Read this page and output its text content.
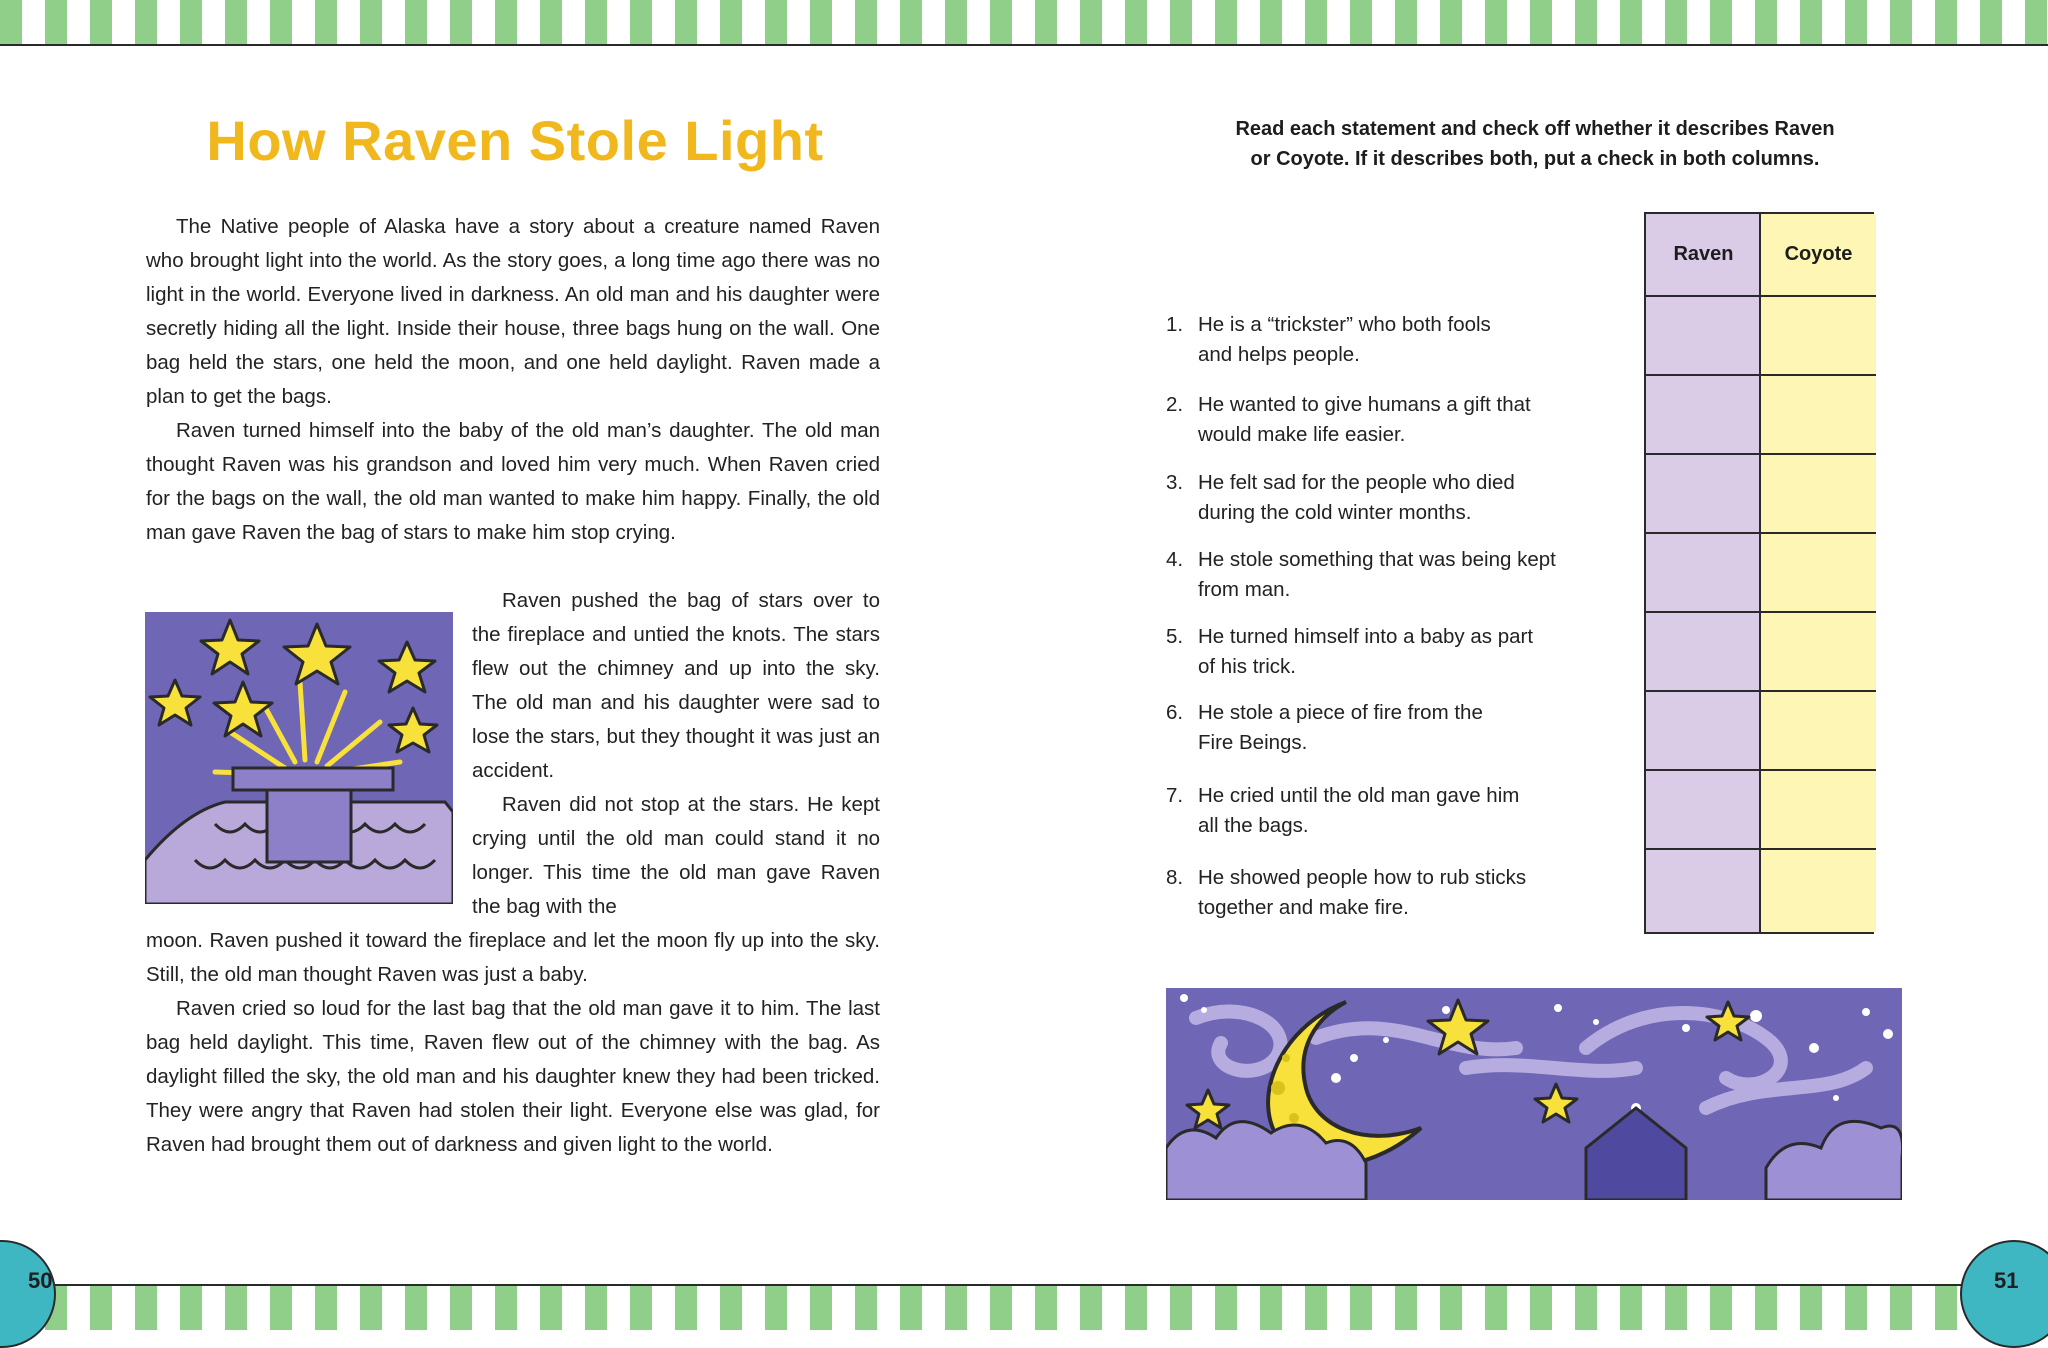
50	51
How Raven Stole Light

The Native people of Alaska have a story about a creature named Raven who brought light into the world. As the story goes, a long time ago there was no light in the world. Everyone lived in darkness. An old man and his daughter were secretly hiding all the light. Inside their house, three bags hung on the wall. One bag held the stars, one held the moon, and one held daylight. Raven made a plan to get the bags.

Raven turned himself into the baby of the old man’s daughter. The old man thought Raven was his grandson and loved him very much. When Raven cried for the bags on the wall, the old man wanted to make him happy. Finally, the old man gave Raven the bag of stars to make him stop crying.

Raven pushed the bag of stars over to the fireplace and untied the knots. The stars flew out the chimney and up into the sky. The old man and his daughter were sad to lose the stars, but they thought it was just an accident.

Raven did not stop at the stars. He kept crying until the old man could stand it no longer. This time the old man gave Raven the bag with the

moon. Raven pushed it toward the fireplace and let the moon fly up into the sky. Still, the old man thought Raven was just a baby.

Raven cried so loud for the last bag that the old man gave it to him. The last bag held daylight. This time, Raven flew out of the chimney with the bag. As daylight filled the sky, the old man and his daughter knew they had been tricked. They were angry that Raven had stolen their light. Everyone else was glad, for Raven had brought them out of darkness and given light to the world.

Read each statement and check off whether it describes Raven
or Coyote. If it describes both, put a check in both columns.
1. He is a “trickster” who both fools
and helps people.
2. He wanted to give humans a gift that
would make life easier.
3. He felt sad for the people who died
during the cold winter months.
4. He stole something that was being kept
from man.
5. He turned himself into a baby as part
of his trick.
6. He stole a piece of fire from the
Fire Beings.
7. He cried until the old man gave him
all the bags.
8. He showed people how to rub sticks
together and make fire.
Raven	Coyote
